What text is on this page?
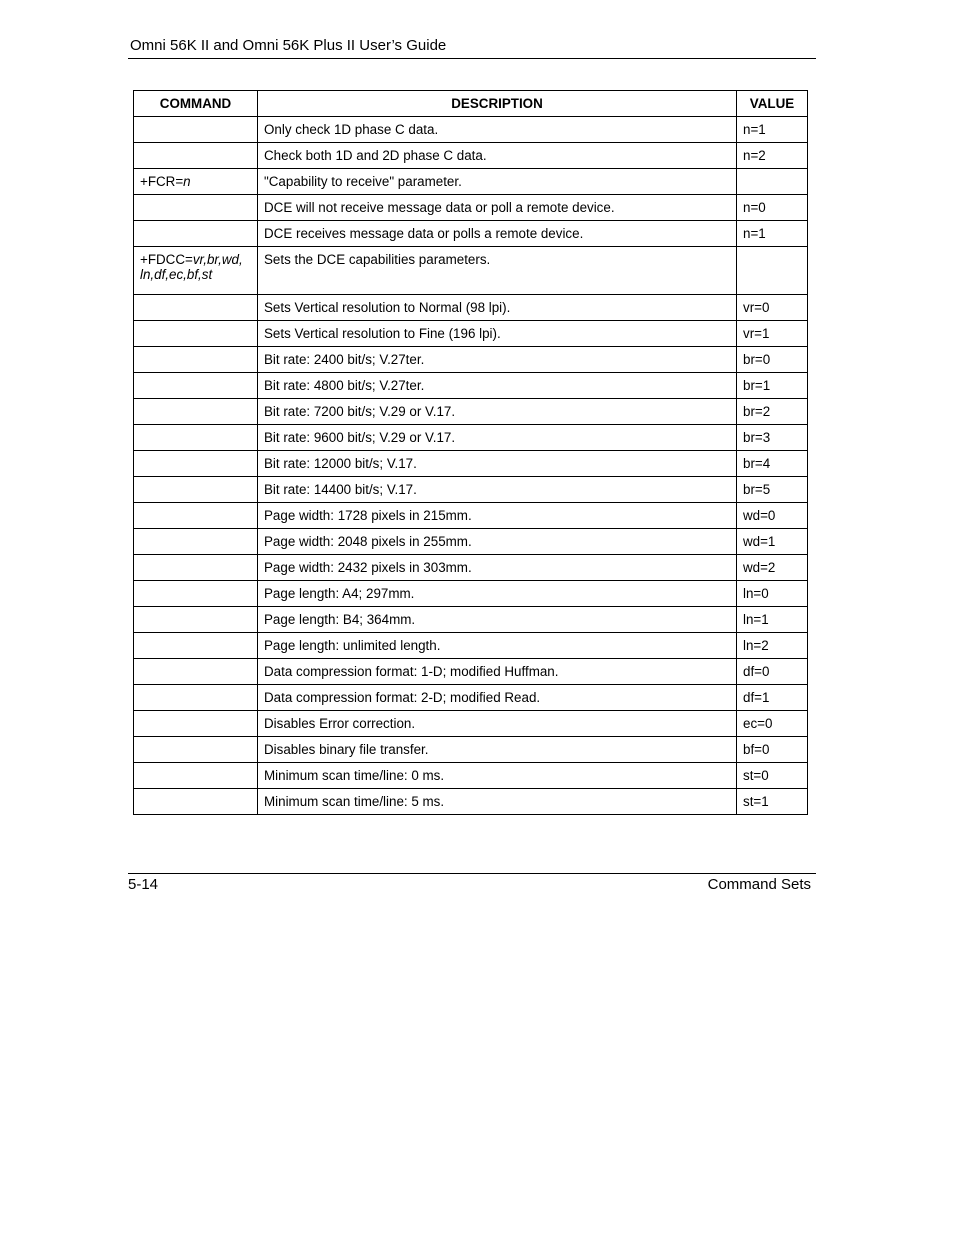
Omni 56K II and Omni 56K Plus II User’s Guide
COMMAND	DESCRIPTION	VALUE
	Only check 1D phase C data.	n=1
	Check both 1D and 2D phase C data.	n=2
+FCR=n	"Capability to receive" parameter.	
	DCE will not receive message data or poll a remote device.	n=0
	DCE receives message data or polls a remote device.	n=1
+FDCC=vr,br,wd,
ln,df,ec,bf,st	Sets the DCE capabilities parameters.	
	Sets Vertical resolution to Normal (98 lpi).	vr=0
	Sets Vertical resolution to Fine (196 lpi).	vr=1
	Bit rate: 2400 bit/s; V.27ter.	br=0
	Bit rate: 4800 bit/s; V.27ter.	br=1
	Bit rate: 7200 bit/s; V.29 or V.17.	br=2
	Bit rate: 9600 bit/s; V.29 or V.17.	br=3
	Bit rate: 12000 bit/s; V.17.	br=4
	Bit rate: 14400 bit/s; V.17.	br=5
	Page width: 1728 pixels in 215mm.	wd=0
	Page width: 2048 pixels in 255mm.	wd=1
	Page width: 2432 pixels in 303mm.	wd=2
	Page length: A4; 297mm.	ln=0
	Page length: B4; 364mm.	ln=1
	Page length: unlimited length.	ln=2
	Data compression format: 1-D; modified Huffman.	df=0
	Data compression format: 2-D; modified Read.	df=1
	Disables Error correction.	ec=0
	Disables binary file transfer.	bf=0
	Minimum scan time/line: 0 ms.	st=0
	Minimum scan time/line: 5 ms.	st=1
5-14	Command Sets
